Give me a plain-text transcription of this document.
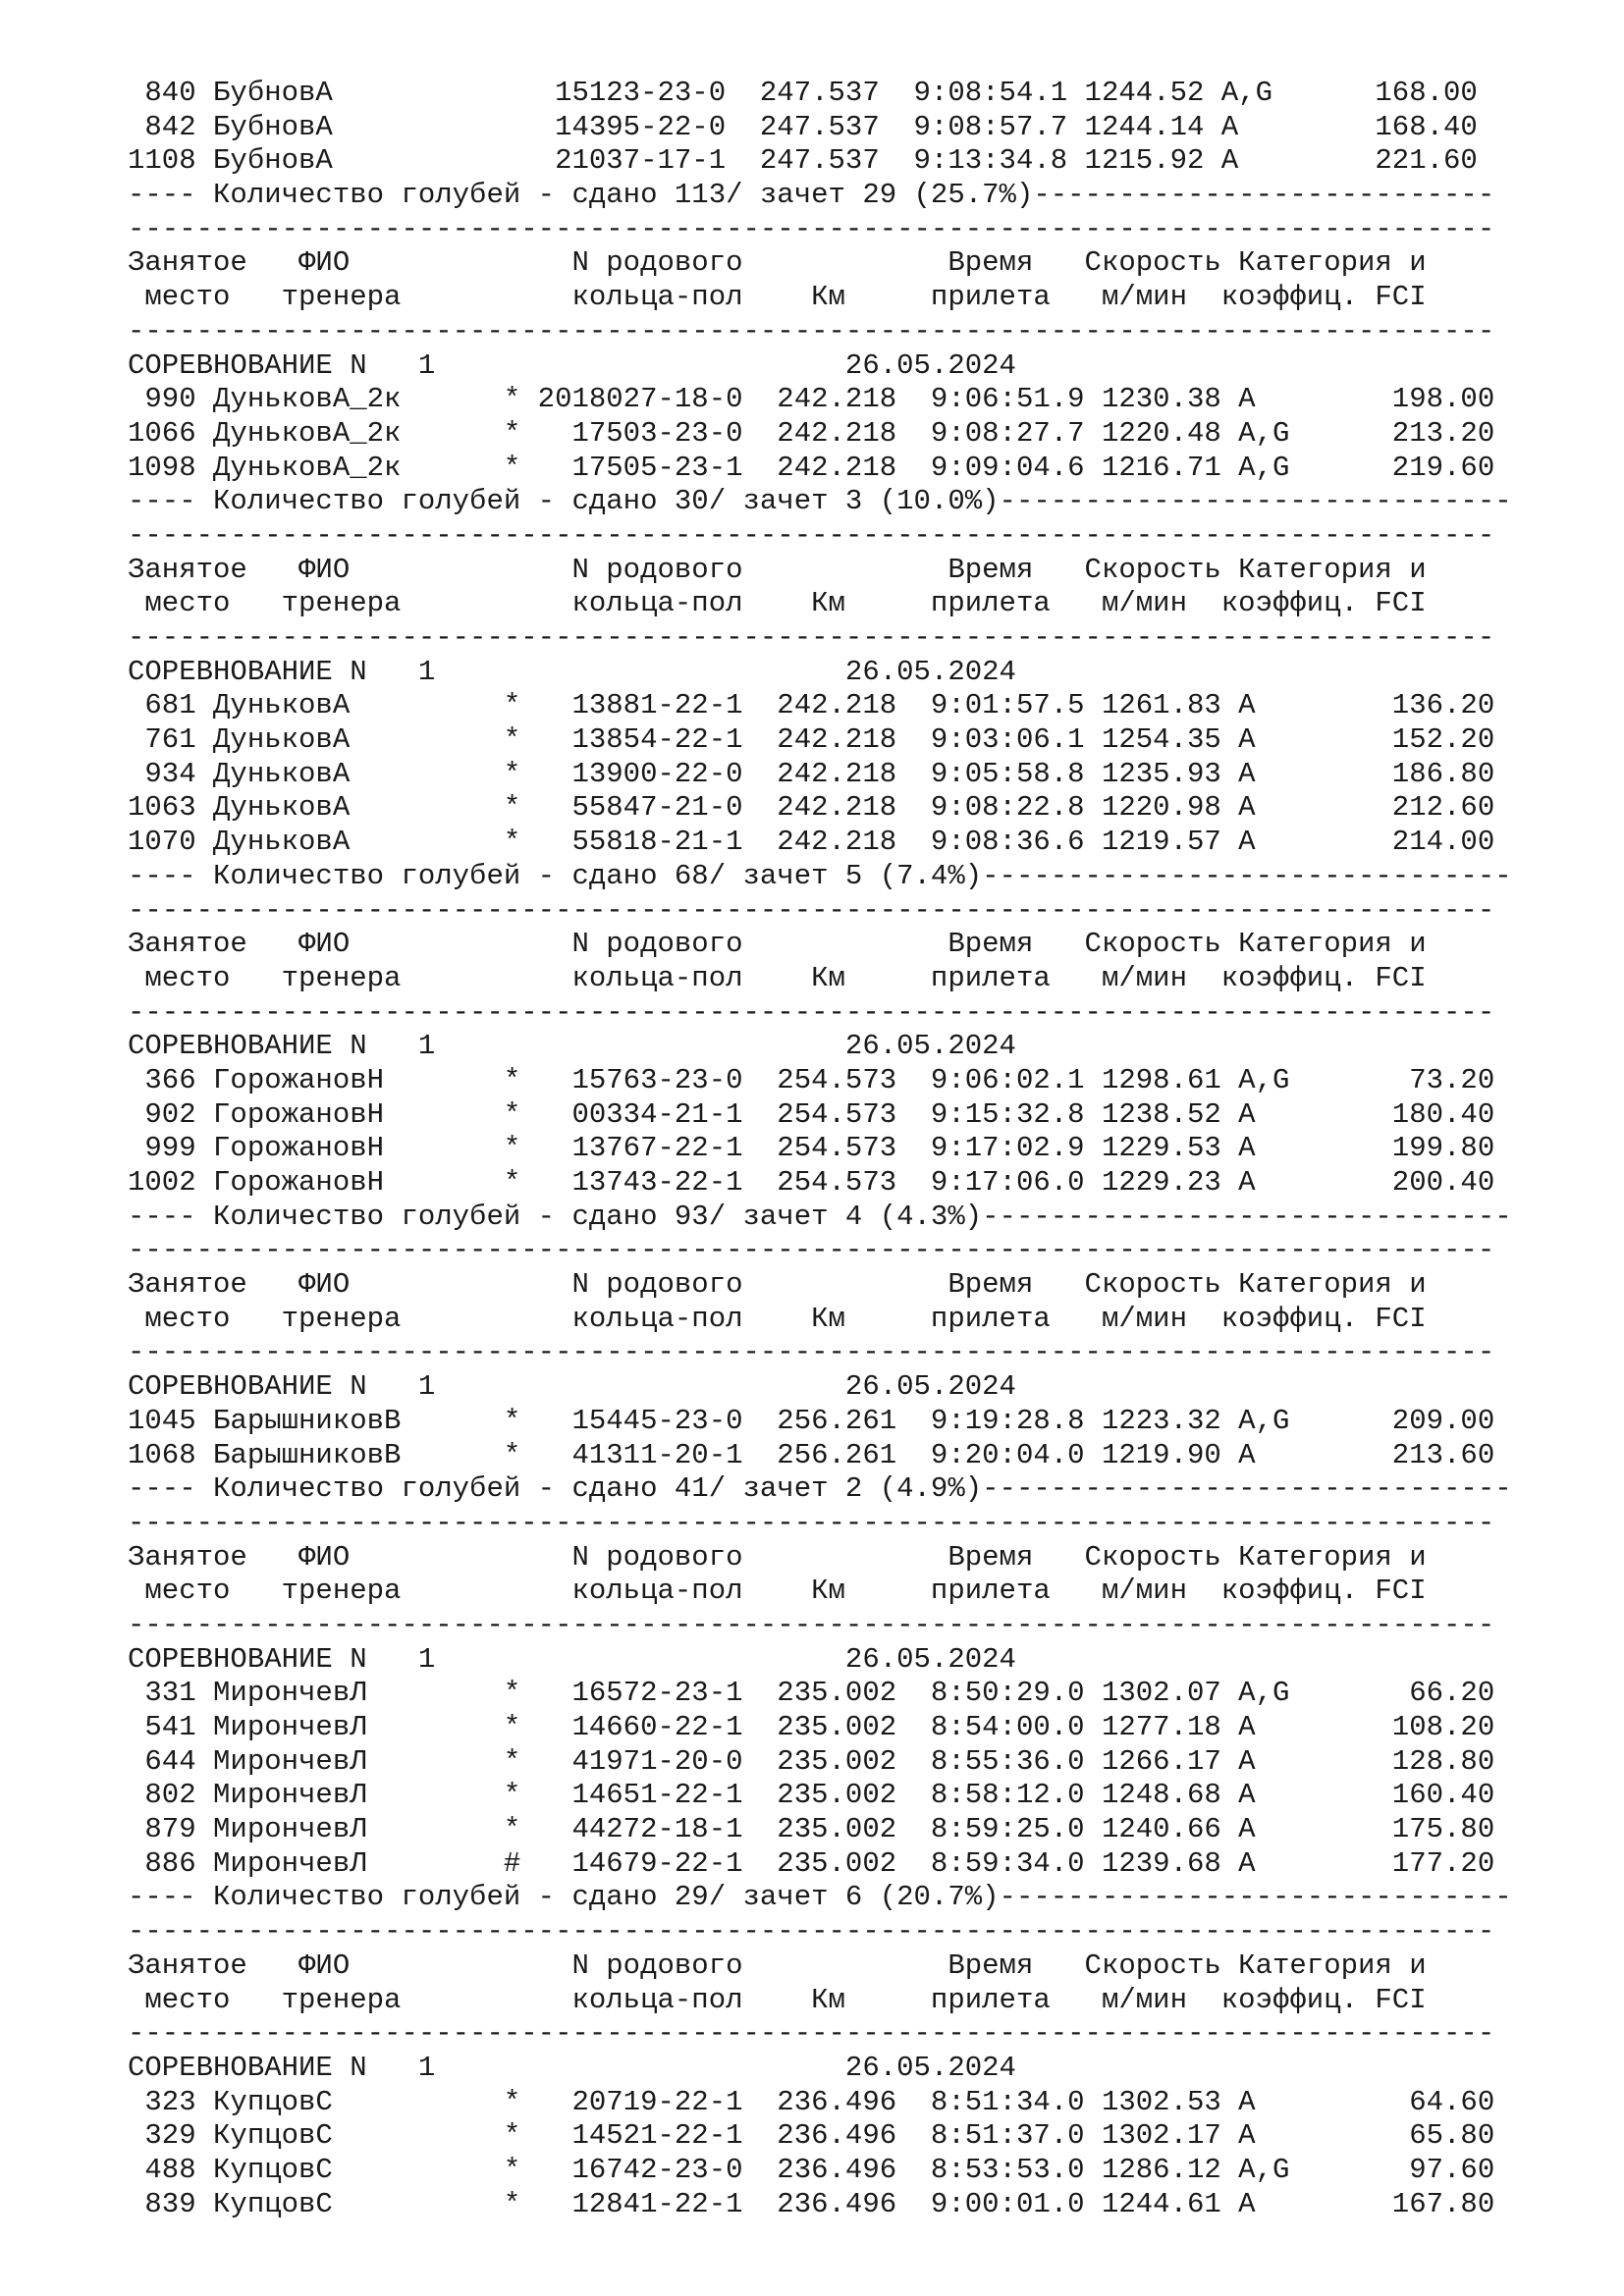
840 БубновА             15123-23-0  247.537  9:08:54.1 1244.52 A,G      168.00
842 БубновА             14395-22-0  247.537  9:08:57.7 1244.14 A        168.40
1108 БубновА             21037-17-1  247.537  9:13:34.8 1215.92 A        221.60
---- Количество голубей - сдано 113/ зачет 29 (25.7%)---------------------------
--------------------------------------------------------------------------------
Занятое   ФИО             N родового            Время   Скорость Категория и
место   тренера          кольца-пол    Км     прилета   м/мин  коэффиц. FCI
--------------------------------------------------------------------------------
СОРЕВНОВАНИЕ N   1                        26.05.2024
990 ДуньковА_2к      * 2018027-18-0  242.218  9:06:51.9 1230.38 A        198.00
1066 ДуньковА_2к      *   17503-23-0  242.218  9:08:27.7 1220.48 A,G      213.20
1098 ДуньковА_2к      *   17505-23-1  242.218  9:09:04.6 1216.71 A,G      219.60
---- Количество голубей - сдано 30/ зачет 3 (10.0%)------------------------------
--------------------------------------------------------------------------------
Занятое   ФИО             N родового            Время   Скорость Категория и
место   тренера          кольца-пол    Км     прилета   м/мин  коэффиц. FCI
--------------------------------------------------------------------------------
СОРЕВНОВАНИЕ N   1                        26.05.2024
681 ДуньковА         *   13881-22-1  242.218  9:01:57.5 1261.83 A        136.20
761 ДуньковА         *   13854-22-1  242.218  9:03:06.1 1254.35 A        152.20
934 ДуньковА         *   13900-22-0  242.218  9:05:58.8 1235.93 A        186.80
1063 ДуньковА         *   55847-21-0  242.218  9:08:22.8 1220.98 A        212.60
1070 ДуньковА         *   55818-21-1  242.218  9:08:36.6 1219.57 A        214.00
---- Количество голубей - сдано 68/ зачет 5 (7.4%)-------------------------------
--------------------------------------------------------------------------------
Занятое   ФИО             N родового            Время   Скорость Категория и
место   тренера          кольца-пол    Км     прилета   м/мин  коэффиц. FCI
--------------------------------------------------------------------------------
СОРЕВНОВАНИЕ N   1                        26.05.2024
366 ГорожановН       *   15763-23-0  254.573  9:06:02.1 1298.61 A,G       73.20
902 ГорожановН       *   00334-21-1  254.573  9:15:32.8 1238.52 A        180.40
999 ГорожановН       *   13767-22-1  254.573  9:17:02.9 1229.53 A        199.80
1002 ГорожановН       *   13743-22-1  254.573  9:17:06.0 1229.23 A        200.40
---- Количество голубей - сдано 93/ зачет 4 (4.3%)-------------------------------
--------------------------------------------------------------------------------
Занятое   ФИО             N родового            Время   Скорость Категория и
место   тренера          кольца-пол    Км     прилета   м/мин  коэффиц. FCI
--------------------------------------------------------------------------------
СОРЕВНОВАНИЕ N   1                        26.05.2024
1045 БарышниковВ      *   15445-23-0  256.261  9:19:28.8 1223.32 A,G      209.00
1068 БарышниковВ      *   41311-20-1  256.261  9:20:04.0 1219.90 A        213.60
---- Количество голубей - сдано 41/ зачет 2 (4.9%)-------------------------------
--------------------------------------------------------------------------------
Занятое   ФИО             N родового            Время   Скорость Категория и
место   тренера          кольца-пол    Км     прилета   м/мин  коэффиц. FCI
--------------------------------------------------------------------------------
СОРЕВНОВАНИЕ N   1                        26.05.2024
331 МирончевЛ        *   16572-23-1  235.002  8:50:29.0 1302.07 A,G       66.20
541 МирончевЛ        *   14660-22-1  235.002  8:54:00.0 1277.18 A        108.20
644 МирончевЛ        *   41971-20-0  235.002  8:55:36.0 1266.17 A        128.80
802 МирончевЛ        *   14651-22-1  235.002  8:58:12.0 1248.68 A        160.40
879 МирончевЛ        *   44272-18-1  235.002  8:59:25.0 1240.66 A        175.80
886 МирончевЛ        #   14679-22-1  235.002  8:59:34.0 1239.68 A        177.20
---- Количество голубей - сдано 29/ зачет 6 (20.7%)------------------------------
--------------------------------------------------------------------------------
Занятое   ФИО             N родового            Время   Скорость Категория и
место   тренера          кольца-пол    Км     прилета   м/мин  коэффиц. FCI
--------------------------------------------------------------------------------
СОРЕВНОВАНИЕ N   1                        26.05.2024
323 КупцовС          *   20719-22-1  236.496  8:51:34.0 1302.53 A         64.60
329 КупцовС          *   14521-22-1  236.496  8:51:37.0 1302.17 A         65.80
488 КупцовС          *   16742-23-0  236.496  8:53:53.0 1286.12 A,G       97.60
839 КупцовС          *   12841-22-1  236.496  9:00:01.0 1244.61 A        167.80
